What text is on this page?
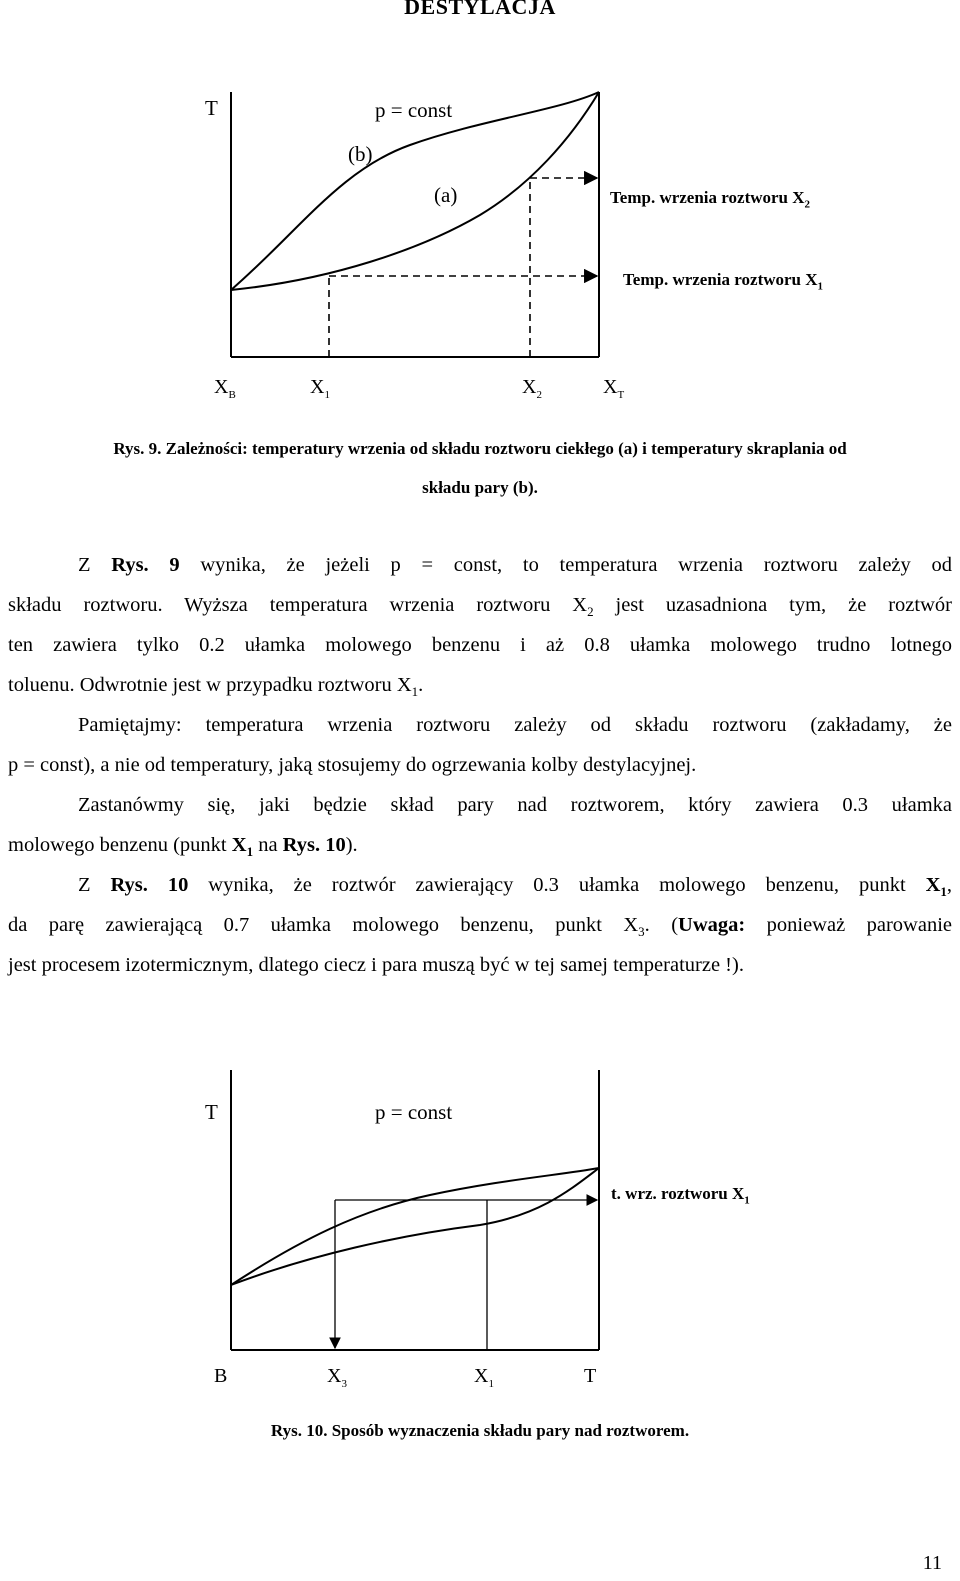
DESTYLACJA
T	p = const
(b)
(a)	Temp. wrzenia roztworu $X_2$
Temp. wrzenia roztworu $X_1$
$X_B$	$X_1$	$X_2$	$X_T$
Rys. 9. Zależności: temperatury wrzenia od składu roztworu ciekłego (a) i temperatury skraplania od
składu pary (b).
Z Rys. 9 wynika, że jeżeli p = const, to temperatura wrzenia roztworu zależy od
składu roztworu. Wyższa temperatura wrzenia roztworu $X_2$ jest uzasadniona tym, że roztwór
ten zawiera tylko 0.2 ułamka molowego benzenu i aż 0.8 ułamka molowego trudno lotnego
toluenu. Odwrotnie jest w przypadku roztworu $X_1$.
Pamiętajmy: temperatura wrzenia roztworu zależy od składu roztworu (zakładamy, że
p = const), a nie od temperatury, jaką stosujemy do ogrzewania kolby destylacyjnej.
Zastanówmy się, jaki będzie skład pary nad roztworem, który zawiera 0.3 ułamka
molowego benzenu (punkt $X_1$ na Rys. 10).
Z Rys. 10 wynika, że roztwór zawierający 0.3 ułamka molowego benzenu, punkt $X_1$,
da parę zawierającą 0.7 ułamka molowego benzenu, punkt $X_3$. (Uwaga: ponieważ parowanie
jest procesem izotermicznym, dlatego ciecz i para muszą być w tej samej temperaturze !).
T	p = const
t. wrz. roztworu $X_1$
B	$X_3$	$X_1$	T
Rys. 10. Sposób wyznaczenia składu pary nad roztworem.
11
